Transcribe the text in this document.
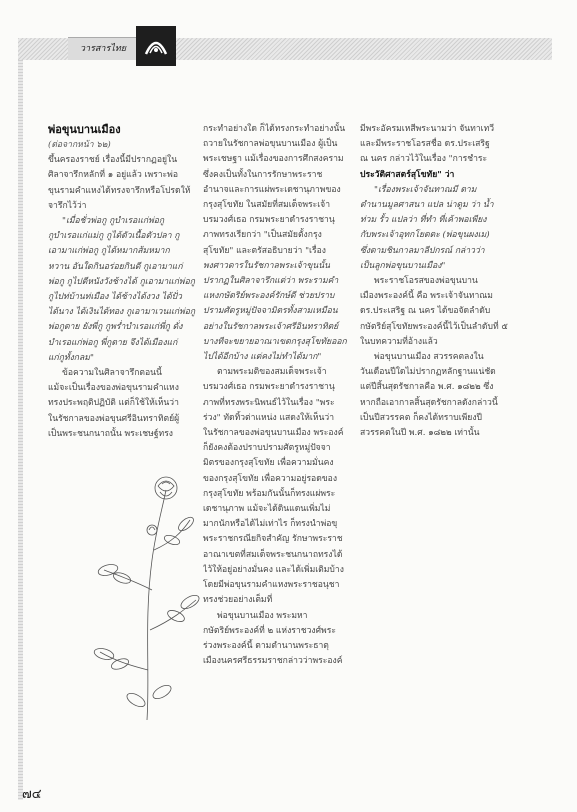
วารสารไทย

พ่อขุนบานเมือง

(ต่อจากหน้า ๖๒)

ขึ้นครองราชย์ เรื่องนี้มีปรากฏอยู่ใน
ศิลาจารึกหลักที่ ๑ อยู่แล้ว เพราะพ่อ
ขุนรามคำแหงได้ทรงจารึกหรือโปรดให้
จารึกไว้ว่า
"เมื่อชั่วพ่อกู กูบำเรอแก่พ่อกู
กูบำเรอแก่แม่กู กูได้ตัวเนื้อตัวปลา กู
เอามาแก่พ่อกู กูได้หมากส้มหมาก
หวาน อันใดกินอร่อยกินดี กูเอามาแก่
พ่อกู กูไปตีหนังวังช้างได้ กูเอามาแก่พ่อกู
กูไปท่บ้านท่เมือง ได้ช้างได้งวง ได้ปั่ว
ได้นาง ได้เงินได้ทอง กูเอามาเวนแก่พ่อกู
พ่อกูตาย ยังพี่กู กูพร่ำบำเรอแก่พี่กู ดั่ง
บำเรอแก่พ่อกู พี่กูตาย จึงได้เมืองแก่
แก่กูทั้งกลม"
ข้อความในศิลาจารึกตอนนี้
แม้จะเป็นเรื่องของพ่อขุนรามคำแหง
ทรงประพฤติปฏิบัติ แต่ก็ใช้ให้เห็นว่า
ในรัชกาลของพ่อขุนศรีอินทราทิตย์ผู้
เป็นพระชนกนาถนั้น พระเชษฐ์ทรง
กระทำอย่างใด ก็ได้ทรงกระทำอย่างนั้น
ถวายในรัชกาลพ่อขุนบานเมือง ผู้เป็น
พระเชษฐา แม้เรื่องของการศึกสงคราม
ซึ่งคงเป็นทั้งในการรักษาพระราช
อำนาจและการแผ่พระเดชานุภาพของ
กรุงสุโขทัย ในสมัยที่สมเด็จพระเจ้า
บรมวงศ์เธอ กรมพระยาดำรงราชานุ
ภาพทรงเรียกว่า "เป็นสมัยตั้งกรุง
สุโขทัย" และตรัสอธิบายว่า "เรื่อง
พงศาวดารในรัชกาลพระเจ้าขุนนั้น
ปรากฏในศิลาจารึกแต่ว่า พระรามคำ
แหงกษัตริย์พระองค์รักษ์ดี ช่วยปราบ
ปรามศัตรูหมู่ปัจจามิตรทั้งสามเหมือน
อย่างในรัชกาลพระเจ้าศรีอินทราทิตย์
บางทีจะขยายอาณาเขตกรุงสุโขทัยออก
ไปได้อีกบ้าง แต่คงไม่ทำได้มาก"
ตามพระมติของสมเด็จพระเจ้า
บรมวงศ์เธอ กรมพระยาดำรงราชานุ
ภาพที่ทรงพระนิพนธ์ไว้ในเรื่อง "พระ
ร่วง" ทัดทิ้วต่าแหน่ง แสดงให้เห็นว่า
ในรัชกาลของพ่อขุนบานเมือง พระองค์
ก็ยังคงต้องปราบปรามศัตรูหมู่ปัจจา
มิตรของกรุงสุโขทัย เพื่อความมั่นคง
ของกรุงสุโขทัย เพื่อความอยู่รอดของ
กรุงสุโขทัย พร้อมกันนั้นก็ทรงแผ่พระ
เดชานุภาพ แม้จะได้ดินแดนเพิ่มไม่
มากนักหรือได้ไม่เท่าไร ก็ทรงนำพ่อขุ
พระราชกรณียกิจสำคัญ รักษาพระราช
อาณาเขตที่สมเด็จพระชนกนาถทรงได้
ไว้ให้อยู่อย่างมั่นคง และได้เพิ่มเติมบ้าง
โดยมีพ่อขุนรามคำแหงพระราชอนุชา
ทรงช่วยอย่างเต็มที่
พ่อขุนบานเมือง พระมหา
กษัตริย์พระองค์ที่ ๒ แห่งราชวงศ์พระ
ร่วงพระองค์นี้ ตามตำนานพระธาตุ
เมืองนครศรีธรรมราชกล่าวว่าพระองค์
มีพระอัครมเหสีพระนามว่า จันทาเทวี
และมีพระราชโอรสชื่อ ดร.ประเสริฐ
ณ นคร กล่าวไว้ในเรื่อง "การชำระ
ประวัติศาสตร์สุโขทัย" ว่า
"เรื่องพระเจ้าจันทาณมี ตาม
ตำนานมูลศาสนา แปล น่าดูม ว่า น้ำ
ท่วม รั้ว แปลว่า ที่ทำ ที่เค้าพอเพียง
กับพระเจ้าอุทกโยตตะ (พ่อขุนผงเม)
ซึ่งตามชินกาลมาลีปกรณ์ กล่าวว่า
เป็นลูกพ่อขุนบานเมือง"
พระราชโอรสของพ่อขุนบาน
เมืองพระองค์นี้ คือ พระเจ้าจันทาณม
ดร.ประเสริฐ ณ นคร ได้ขอจัดลำดับ
กษัตริย์สุโขทัยพระองค์นี้ไว้เป็นลำดับที่ ๕
ในบทความที่อ้างแล้ว
พ่อขุนบานเมือง สวรรคตลงใน
วันเดือนปีใดไม่ปรากฏหลักฐานแน่ชัด
แต่ปีสิ้นสุดรัชกาลคือ พ.ศ. ๑๘๒๒ ซึ่ง
หากถือเอากาลสิ้นสุดรัชกาลดังกล่าวนี้
เป็นปีสวรรคต ก็คงได้ทราบเพียงปี
สวรรคตในปี พ.ศ. ๑๘๒๒ เท่านั้น
๗๔
